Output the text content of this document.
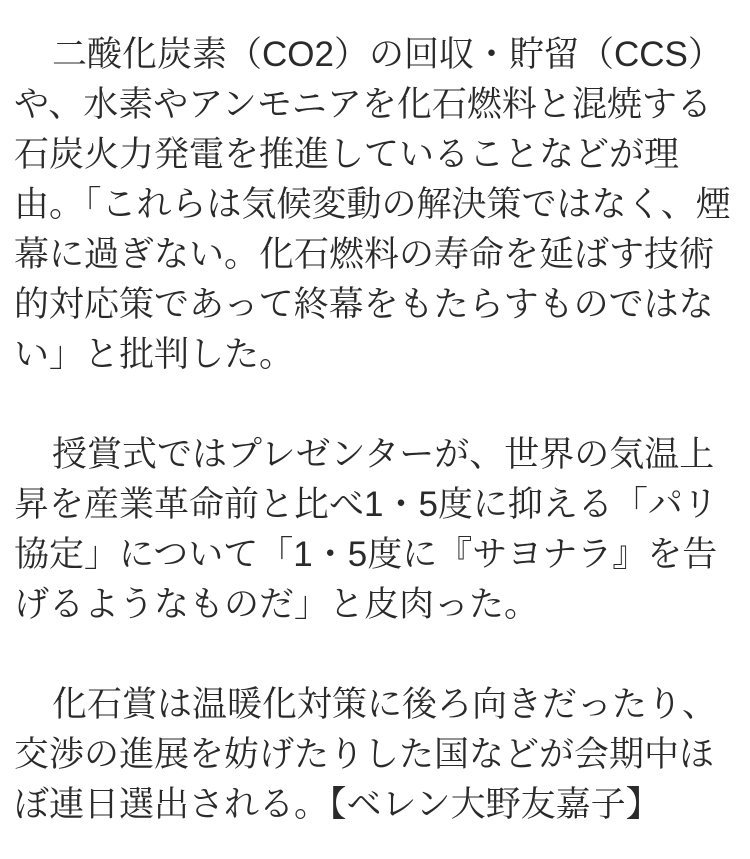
二酸化炭素（CO2）の回収・貯留（CCS）や、水素やアンモニアを化石燃料と混焼する石炭火力発電を推進していることなどが理由。「これらは気候変動の解決策ではなく、煙幕に過ぎない。化石燃料の寿命を延ばす技術的対応策であって終幕をもたらすものではない」と批判した。

授賞式ではプレゼンターが、世界の気温上昇を産業革命前と比べ1・5度に抑える「パリ協定」について「1・5度に『サヨナラ』を告げるようなものだ」と皮肉った。

化石賞は温暖化対策に後ろ向きだったり、交渉の進展を妨げたりした国などが会期中ほぼ連日選出される。【ベレン大野友嘉子】
